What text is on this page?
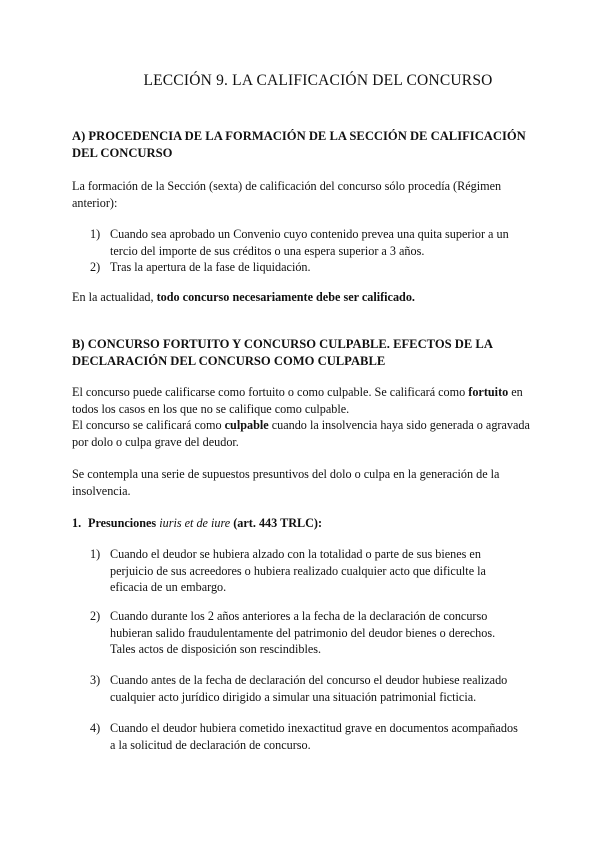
LECCIÓN 9. LA CALIFICACIÓN DEL CONCURSO
A) PROCEDENCIA DE LA FORMACIÓN DE LA SECCIÓN DE CALIFICACIÓN DEL CONCURSO

La formación de la Sección (sexta) de calificación del concurso sólo procedía (Régimen anterior):

1) Cuando sea aprobado un Convenio cuyo contenido prevea una quita superior a un tercio del importe de sus créditos o una espera superior a 3 años.
2) Tras la apertura de la fase de liquidación.

En la actualidad, todo concurso necesariamente debe ser calificado.

B) CONCURSO FORTUITO Y CONCURSO CULPABLE. EFECTOS DE LA DECLARACIÓN DEL CONCURSO COMO CULPABLE

El concurso puede calificarse como fortuito o como culpable. Se calificará como fortuito en todos los casos en los que no se califique como culpable.

El concurso se calificará como culpable cuando la insolvencia haya sido generada o agravada por dolo o culpa grave del deudor.

Se contempla una serie de supuestos presuntivos del dolo o culpa en la generación de la insolvencia.

1. Presunciones iuris et de iure (art. 443 TRLC):

1) Cuando el deudor se hubiera alzado con la totalidad o parte de sus bienes en perjuicio de sus acreedores o hubiera realizado cualquier acto que dificulte la eficacia de un embargo.
2) Cuando durante los 2 años anteriores a la fecha de la declaración de concurso hubieran salido fraudulentamente del patrimonio del deudor bienes o derechos. Tales actos de disposición son rescindibles.
3) Cuando antes de la fecha de declaración del concurso el deudor hubiese realizado cualquier acto jurídico dirigido a simular una situación patrimonial ficticia.
4) Cuando el deudor hubiera cometido inexactitud grave en documentos acompañados a la solicitud de declaración de concurso.
